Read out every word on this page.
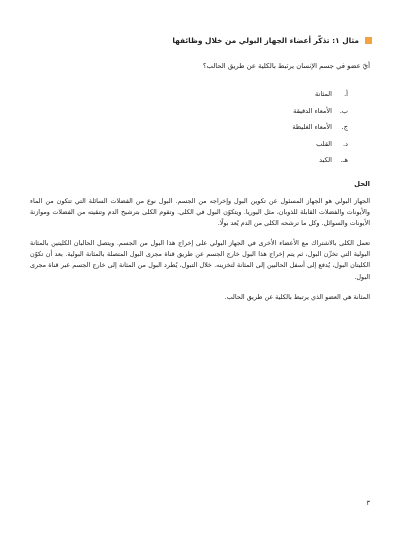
مثال ١: تذكّر أعضاء الجهاز البولي من خلال وظائفها
أيّ عضو في جسم الإنسان يرتبط بالكلية عن طريق الحالب؟
أ.
المثانة
ب.
الأمعاء الدقيقة
ج.
الأمعاء الغليظة
د.
القلب
هـ.
الكبد
الحل

الجهاز البولي هو الجهاز المسئول عن تكوين البول وإخراجه من الجسم. البول نوع من الفضلات السائلة التي تتكون من الماء والأيونات والفضلات القابلة للذوبان، مثل اليوريا. ويتكوّن البول في الكلى. وتقوم الكلى بترشيح الدم وتنقيته من الفضلات وموازنة الأيونات والسوائل. وكل ما ترشحه الكلى من الدم يُعد بولًا.

تعمل الكلى بالاشتراك مع الأعضاء الأخرى في الجهاز البولي على إخراج هذا البول من الجسم. ويتصل الحالبان الكليتين بالمثانة البولية التي تخزّن البول، ثم يتم إخراج هذا البول خارج الجسم عن طريق قناة مجرى البول المتصلة بالمثانة البولية. بعد أن تكوّن الكليتان البول، يُدفع إلى أسفل الحالبين إلى المثانة لتخزينه. خلال التبول، يُطرد البول من المثانة إلى خارج الجسم عبر قناة مجرى البول.

المثانة هي العضو الذي يرتبط بالكلية عن طريق الحالب.

٣
